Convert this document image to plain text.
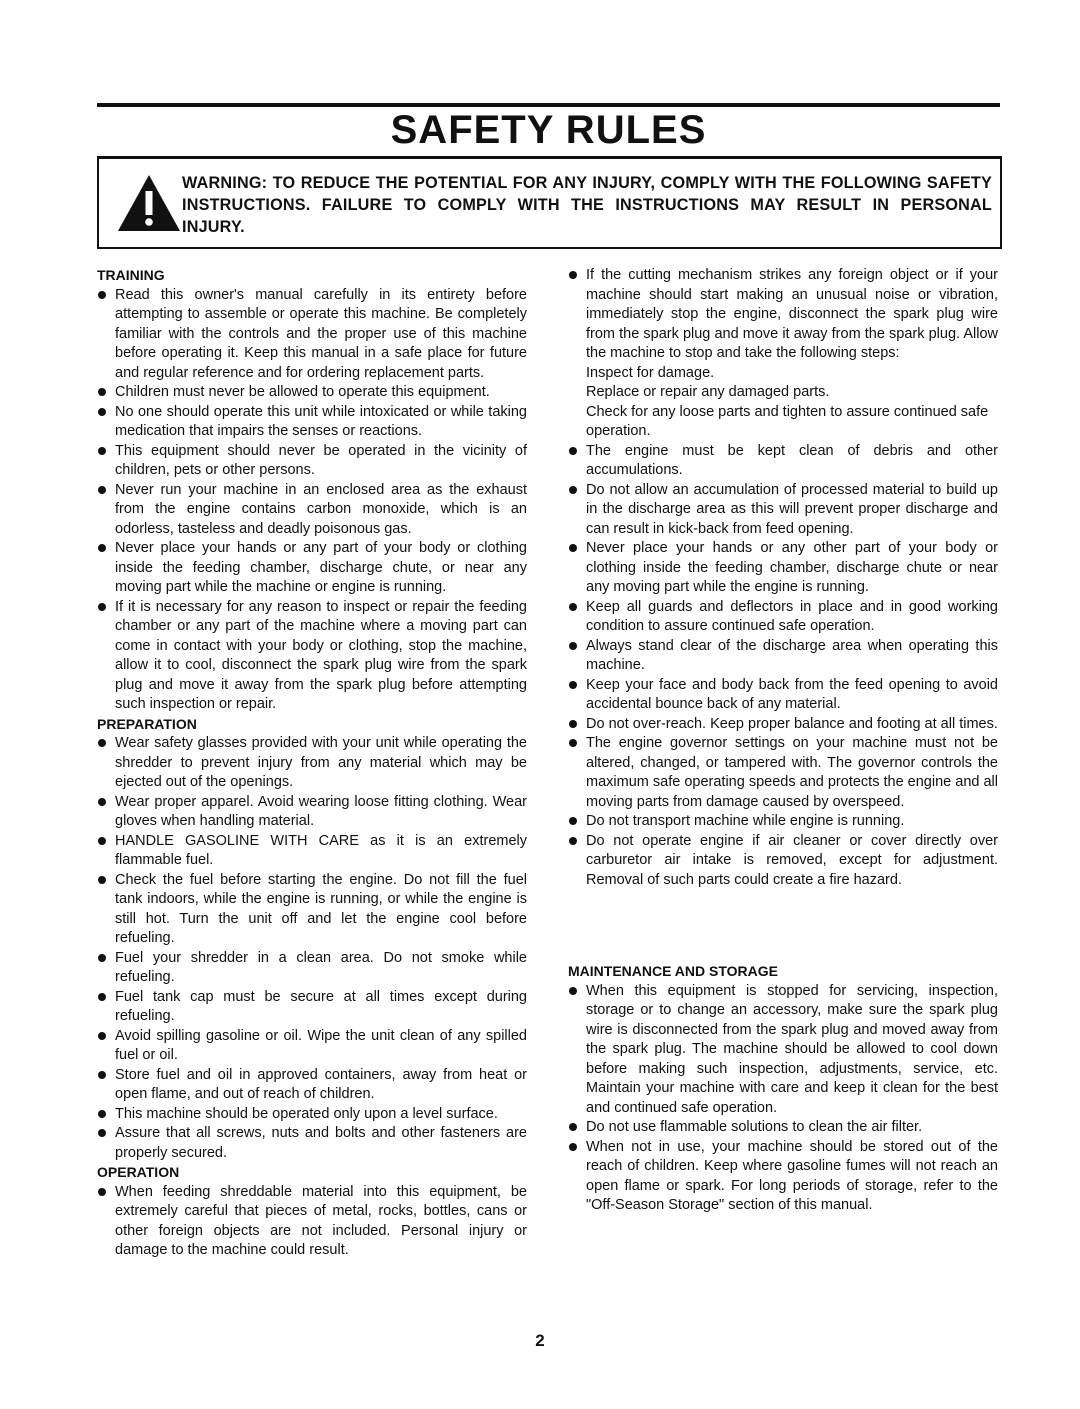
SAFETY RULES
WARNING: TO REDUCE THE POTENTIAL FOR ANY INJURY, COMPLY WITH THE FOLLOWING SAFETY INSTRUCTIONS. FAILURE TO COMPLY WITH THE INSTRUCTIONS MAY RESULT IN PERSONAL INJURY.
TRAINING
Read this owner's manual carefully in its entirety before attempting to assemble or operate this machine. Be completely familiar with the controls and the proper use of this machine before operating it. Keep this manual in a safe place for future and regular reference and for ordering replacement parts.
Children must never be allowed to operate this equipment.
No one should operate this unit while intoxicated or while taking medication that impairs the senses or reactions.
This equipment should never be operated in the vicinity of children, pets or other persons.
Never run your machine in an enclosed area as the exhaust from the engine contains carbon monoxide, which is an odorless, tasteless and deadly poisonous gas.
Never place your hands or any part of your body or clothing inside the feeding chamber, discharge chute, or near any moving part while the machine or engine is running.
If it is necessary for any reason to inspect or repair the feeding chamber or any part of the machine where a moving part can come in contact with your body or clothing, stop the machine, allow it to cool, disconnect the spark plug wire from the spark plug and move it away from the spark plug before attempting such inspection or repair.
PREPARATION
Wear safety glasses provided with your unit while operating the shredder to prevent injury from any material which may be ejected out of the openings.
Wear proper apparel. Avoid wearing loose fitting clothing. Wear gloves when handling material.
HANDLE GASOLINE WITH CARE as it is an extremely flammable fuel.
Check the fuel before starting the engine. Do not fill the fuel tank indoors, while the engine is running, or while the engine is still hot. Turn the unit off and let the engine cool before refueling.
Fuel your shredder in a clean area. Do not smoke while refueling.
Fuel tank cap must be secure at all times except during refueling.
Avoid spilling gasoline or oil. Wipe the unit clean of any spilled fuel or oil.
Store fuel and oil in approved containers, away from heat or open flame, and out of reach of children.
This machine should be operated only upon a level surface.
Assure that all screws, nuts and bolts and other fasteners are properly secured.
OPERATION
When feeding shreddable material into this equipment, be extremely careful that pieces of metal, rocks, bottles, cans or other foreign objects are not included. Personal injury or damage to the machine could result.
If the cutting mechanism strikes any foreign object or if your machine should start making an unusual noise or vibration, immediately stop the engine, disconnect the spark plug wire from the spark plug and move it away from the spark plug. Allow the machine to stop and take the following steps:
Inspect for damage.
Replace or repair any damaged parts.
Check for any loose parts and tighten to assure continued safe operation.
The engine must be kept clean of debris and other accumulations.
Do not allow an accumulation of processed material to build up in the discharge area as this will prevent proper discharge and can result in kick-back from feed opening.
Never place your hands or any other part of your body or clothing inside the feeding chamber, discharge chute or near any moving part while the engine is running.
Keep all guards and deflectors in place and in good working condition to assure continued safe operation.
Always stand clear of the discharge area when operating this machine.
Keep your face and body back from the feed opening to avoid accidental bounce back of any material.
Do not over-reach. Keep proper balance and footing at all times.
The engine governor settings on your machine must not be altered, changed, or tampered with. The governor controls the maximum safe operating speeds and protects the engine and all moving parts from damage caused by overspeed.
Do not transport machine while engine is running.
Do not operate engine if air cleaner or cover directly over carburetor air intake is removed, except for adjustment. Removal of such parts could create a fire hazard.
MAINTENANCE AND STORAGE
When this equipment is stopped for servicing, inspection, storage or to change an accessory, make sure the spark plug wire is disconnected from the spark plug and moved away from the spark plug. The machine should be allowed to cool down before making such inspection, adjustments, service, etc. Maintain your machine with care and keep it clean for the best and continued safe operation.
Do not use flammable solutions to clean the air filter.
When not in use, your machine should be stored out of the reach of children. Keep where gasoline fumes will not reach an open flame or spark. For long periods of storage, refer to the "Off-Season Storage" section of this manual.
2
